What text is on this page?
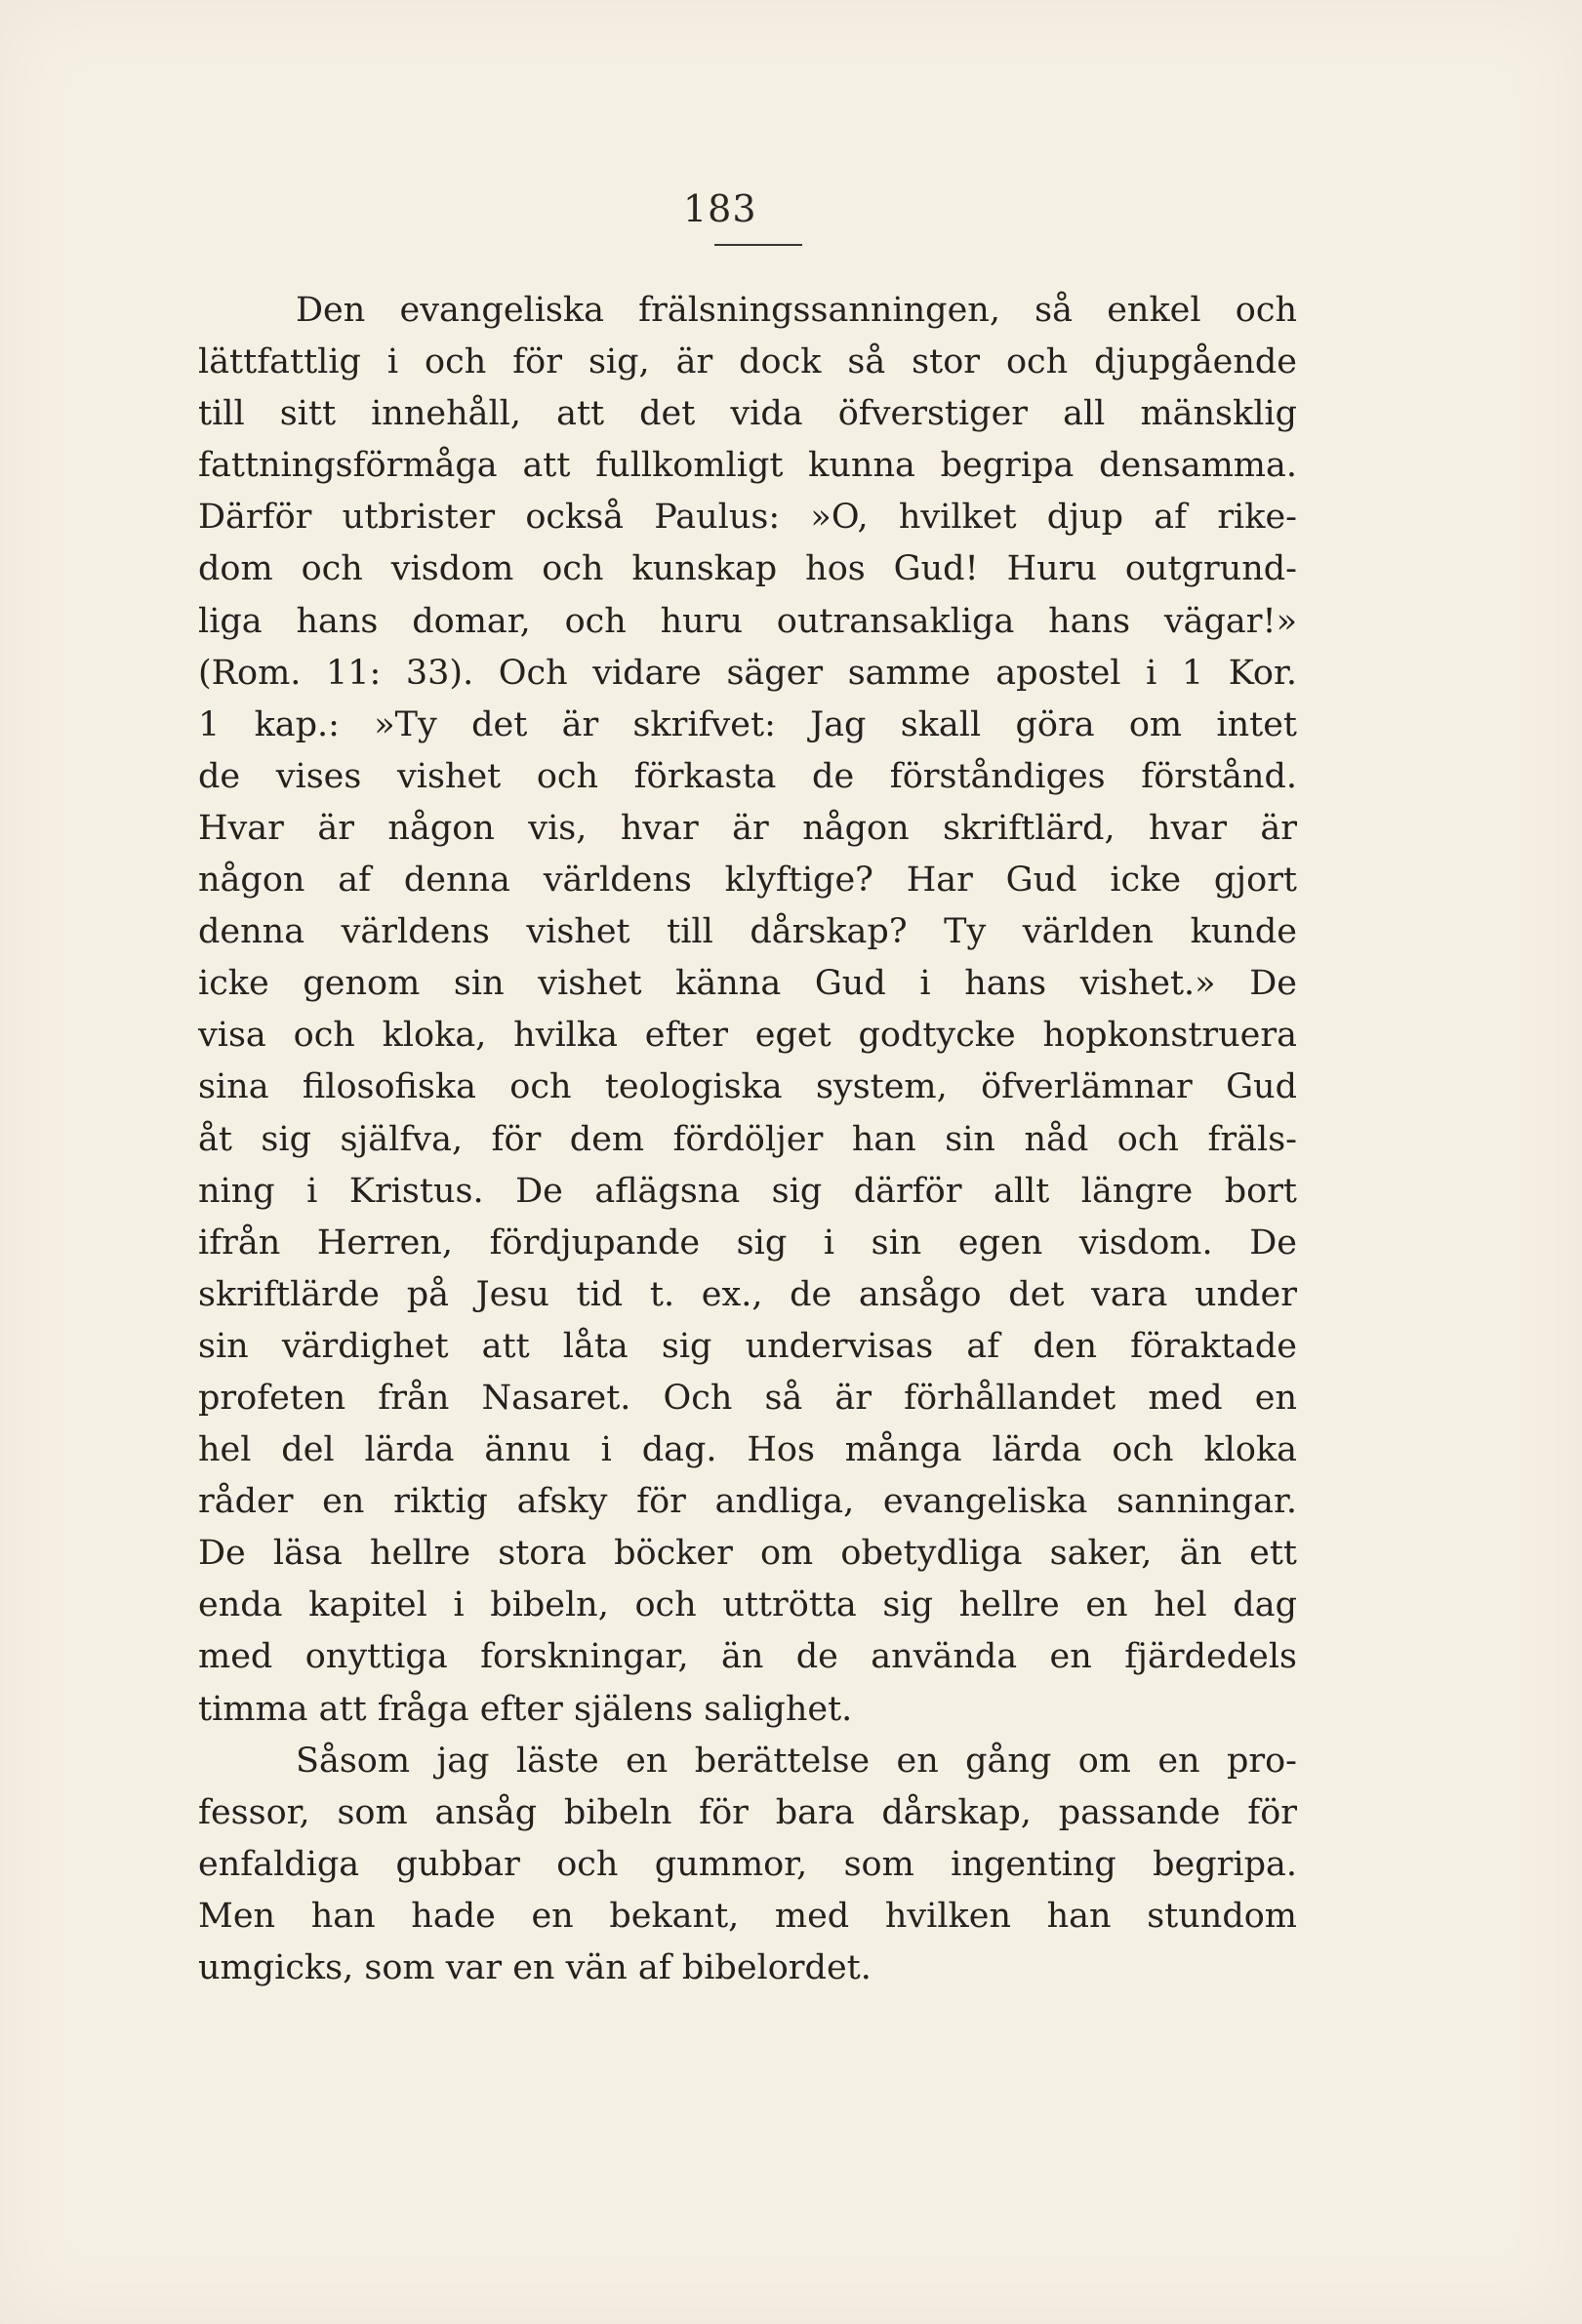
183
Den evangeliska frälsningssanningen, så enkel och
lättfattlig i och för sig, är dock så stor och djupgående
till sitt innehåll, att det vida öfverstiger all mänsklig
fattningsförmåga att fullkomligt kunna begripa densamma.
Därför utbrister också Paulus: »O, hvilket djup af rike-
dom och visdom och kunskap hos Gud! Huru outgrund-
liga hans domar, och huru outransakliga hans vägar!»
(Rom. 11: 33). Och vidare säger samme apostel i 1 Kor.
1 kap.: »Ty det är skrifvet: Jag skall göra om intet
de vises vishet och förkasta de förståndiges förstånd.
Hvar är någon vis, hvar är någon skriftlärd, hvar är
någon af denna världens klyftige? Har Gud icke gjort
denna världens vishet till dårskap? Ty världen kunde
icke genom sin vishet känna Gud i hans vishet.» De
visa och kloka, hvilka efter eget godtycke hopkonstruera
sina filosofiska och teologiska system, öfverlämnar Gud
åt sig själfva, för dem fördöljer han sin nåd och fräls-
ning i Kristus. De aflägsna sig därför allt längre bort
ifrån Herren, fördjupande sig i sin egen visdom. De
skriftlärde på Jesu tid t. ex., de ansågo det vara under
sin värdighet att låta sig undervisas af den föraktade
profeten från Nasaret. Och så är förhållandet med en
hel del lärda ännu i dag. Hos många lärda och kloka
råder en riktig afsky för andliga, evangeliska sanningar.
De läsa hellre stora böcker om obetydliga saker, än ett
enda kapitel i bibeln, och uttrötta sig hellre en hel dag
med onyttiga forskningar, än de använda en fjärdedels
timma att fråga efter själens salighet.
Såsom jag läste en berättelse en gång om en pro-
fessor, som ansåg bibeln för bara dårskap, passande för
enfaldiga gubbar och gummor, som ingenting begripa.
Men han hade en bekant, med hvilken han stundom
umgicks, som var en vän af bibelordet.
